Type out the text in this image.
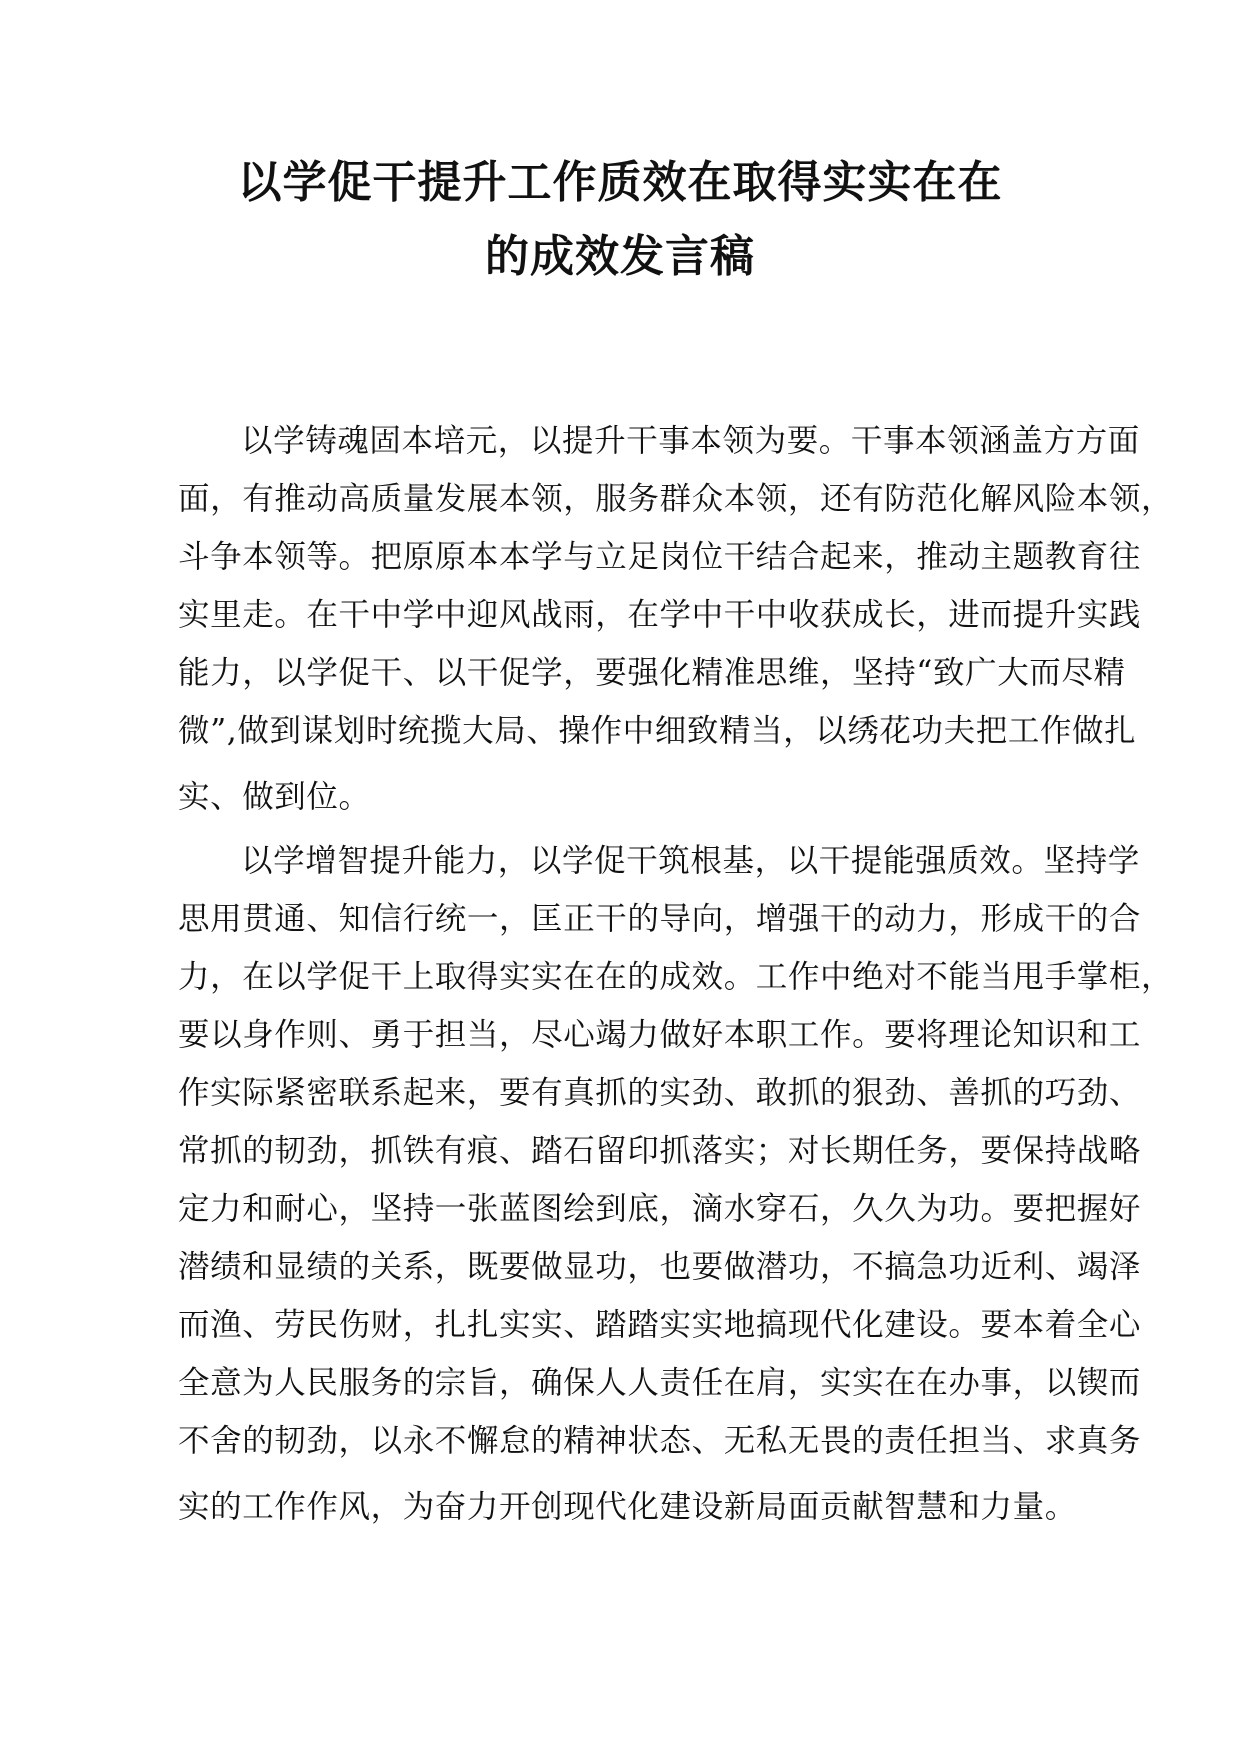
以学促干提升工作质效在取得实实在在
的成效发言稿

以学铸魂固本培元，以提升干事本领为要。干事本领涵盖方方面
面，有推动高质量发展本领，服务群众本领，还有防范化解风险本领，
斗争本领等。把原原本本学与立足岗位干结合起来，推动主题教育往
实里走。在干中学中迎风战雨，在学中干中收获成长，进而提升实践
能力，以学促干、以干促学，要强化精准思维，坚持“致广大而尽精
微”,做到谋划时统揽大局、操作中细致精当，以绣花功夫把工作做扎
实、做到位。

以学增智提升能力，以学促干筑根基，以干提能强质效。坚持学
思用贯通、知信行统一，匡正干的导向，增强干的动力，形成干的合
力，在以学促干上取得实实在在的成效。工作中绝对不能当甩手掌柜，
要以身作则、勇于担当，尽心竭力做好本职工作。要将理论知识和工
作实际紧密联系起来，要有真抓的实劲、敢抓的狠劲、善抓的巧劲、
常抓的韧劲，抓铁有痕、踏石留印抓落实；对长期任务，要保持战略
定力和耐心，坚持一张蓝图绘到底，滴水穿石，久久为功。要把握好
潜绩和显绩的关系，既要做显功，也要做潜功，不搞急功近利、竭泽
而渔、劳民伤财，扎扎实实、踏踏实实地搞现代化建设。要本着全心
全意为人民服务的宗旨，确保人人责任在肩，实实在在办事，以锲而
不舍的韧劲，以永不懈怠的精神状态、无私无畏的责任担当、求真务
实的工作作风，为奋力开创现代化建设新局面贡献智慧和力量。
